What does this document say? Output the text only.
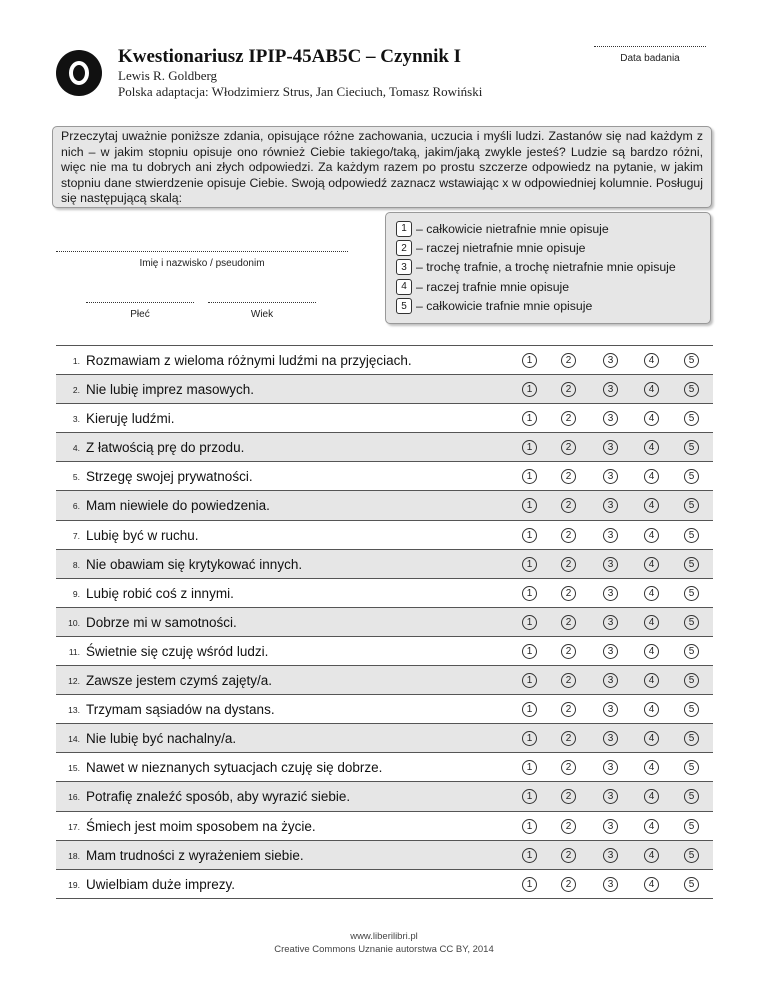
Kwestionariusz IPIP-45AB5C – Czynnik I
Lewis R. Goldberg
Polska adaptacja: Włodzimierz Strus, Jan Cieciuch, Tomasz Rowiński
Data badania
Przeczytaj uważnie poniższe zdania, opisujące różne zachowania, uczucia i myśli ludzi. Zastanów się nad każdym z nich – w jakim stopniu opisuje ono również Ciebie takiego/taką, jakim/jaką zwykle jesteś? Ludzie są bardzo różni, więc nie ma tu dobrych ani złych odpowiedzi. Za każdym razem po prostu szczerze odpowiedz na pytanie, w jakim stopniu dane stwierdzenie opisuje Ciebie. Swoją odpowiedź zaznacz wstawiając x w odpowiedniej kolumnie. Posługuj się następującą skalą:
1 – całkowicie nietrafnie mnie opisuje
2 – raczej nietrafnie mnie opisuje
3 – trochę trafnie, a trochę nietrafnie mnie opisuje
4 – raczej trafnie mnie opisuje
5 – całkowicie trafnie mnie opisuje
Imię i nazwisko / pseudonim
Płeć	Wiek
1. Rozmawiam z wieloma różnymi ludźmi na przyjęciach.	1	2	3	4	5
2. Nie lubię imprez masowych.	1	2	3	4	5
3. Kieruję ludźmi.	1	2	3	4	5
4. Z łatwością prę do przodu.	1	2	3	4	5
5. Strzegę swojej prywatności.	1	2	3	4	5
6. Mam niewiele do powiedzenia.	1	2	3	4	5
7. Lubię być w ruchu.	1	2	3	4	5
8. Nie obawiam się krytykować innych.	1	2	3	4	5
9. Lubię robić coś z innymi.	1	2	3	4	5
10. Dobrze mi w samotności.	1	2	3	4	5
11. Świetnie się czuję wśród ludzi.	1	2	3	4	5
12. Zawsze jestem czymś zajęty/a.	1	2	3	4	5
13. Trzymam sąsiadów na dystans.	1	2	3	4	5
14. Nie lubię być nachalny/a.	1	2	3	4	5
15. Nawet w nieznanych sytuacjach czuję się dobrze.	1	2	3	4	5
16. Potrafię znaleźć sposób, aby wyrazić siebie.	1	2	3	4	5
17. Śmiech jest moim sposobem na życie.	1	2	3	4	5
18. Mam trudności z wyrażeniem siebie.	1	2	3	4	5
19. Uwielbiam duże imprezy.	1	2	3	4	5
www.liberilibri.pl
Creative Commons Uznanie autorstwa CC BY, 2014
